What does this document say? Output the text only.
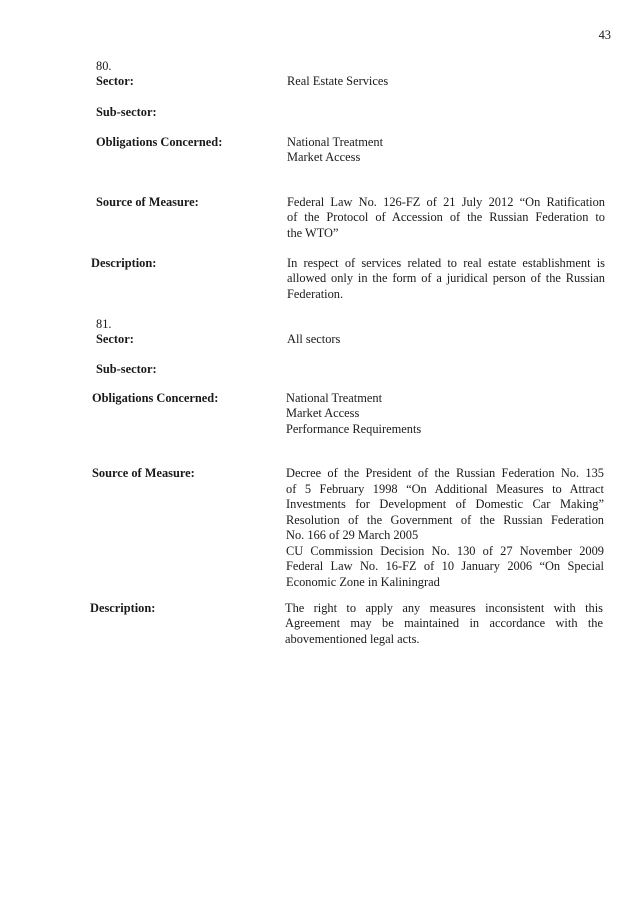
43
80.
Sector:	Real Estate Services
Sub-sector:
Obligations Concerned:	National Treatment
Market Access
Source of Measure:	Federal Law No. 126-FZ of 21 July 2012 “On Ratification
of the Protocol of Accession of the Russian Federation to
the WTO”
Description:	In respect of services related to real estate establishment is
allowed only in the form of a juridical person of the Russian
Federation.
81.
Sector:	All sectors
Sub-sector:
Obligations Concerned:	National Treatment
Market Access
Performance Requirements
Source of Measure:	Decree of the President of the Russian Federation No. 135
of 5 February 1998 “On Additional Measures to Attract
Investments for Development of Domestic Car Making”
Resolution of the Government of the Russian Federation
No. 166 of 29 March 2005
CU Commission Decision No. 130 of 27 November 2009
Federal Law No. 16-FZ of 10 January 2006 “On Special
Economic Zone in Kaliningrad
Description:	The right to apply any measures inconsistent with this
Agreement may be maintained in accordance with the
abovementioned legal acts.
